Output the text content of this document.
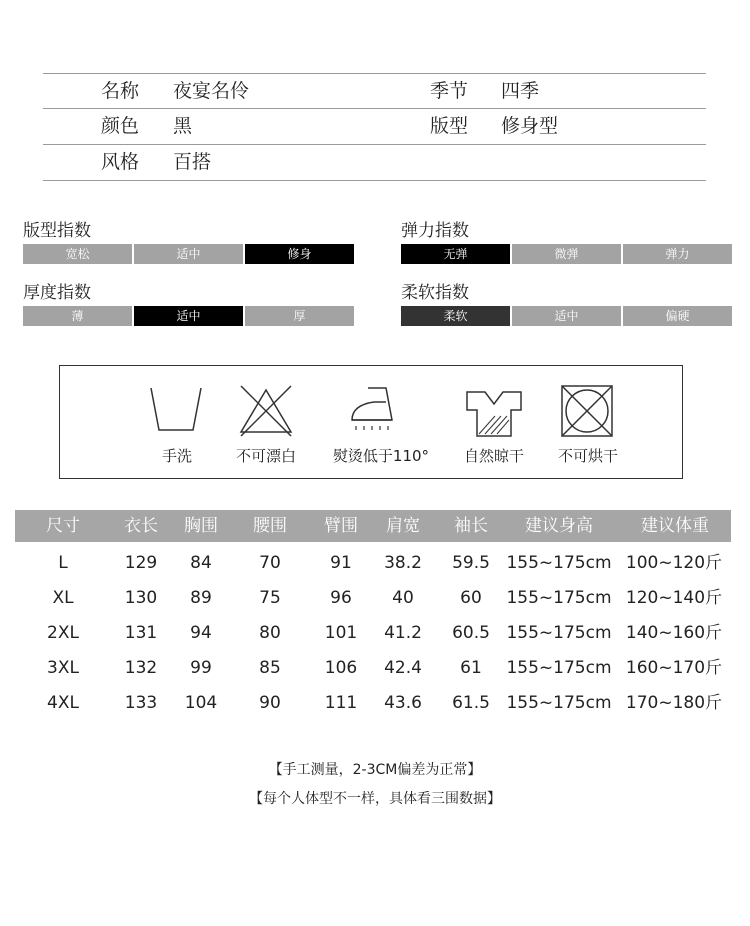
名称 夜宴名伶	季节 四季
颜色 黑	版型 修身型
风格 百搭
版型指数
宽松	适中	修身
弹力指数
无弹	微弹	弹力
厚度指数
薄	适中	厚
柔软指数
柔软	适中	偏硬
手洗	不可漂白	熨烫低于110°	自然晾干	不可烘干
尺寸	衣长	胸围	腰围	臂围	肩宽	袖长	建议身高	建议体重
L	129	84	70	91	38.2	59.5 155~175cm 100~120斤
XL	130	89	75	96	40	60	155~175cm 120~140斤
2XL	131	94	80	101	41.2	60.5 155~175cm 140~160斤
3XL	132	99	85	106	42.4	61	155~175cm 160~170斤
4XL	133	104	90	111	43.6	61.5 155~175cm 170~180斤
【手工测量，2-3CM偏差为正常】
【每个人体型不一样，具体看三围数据】
